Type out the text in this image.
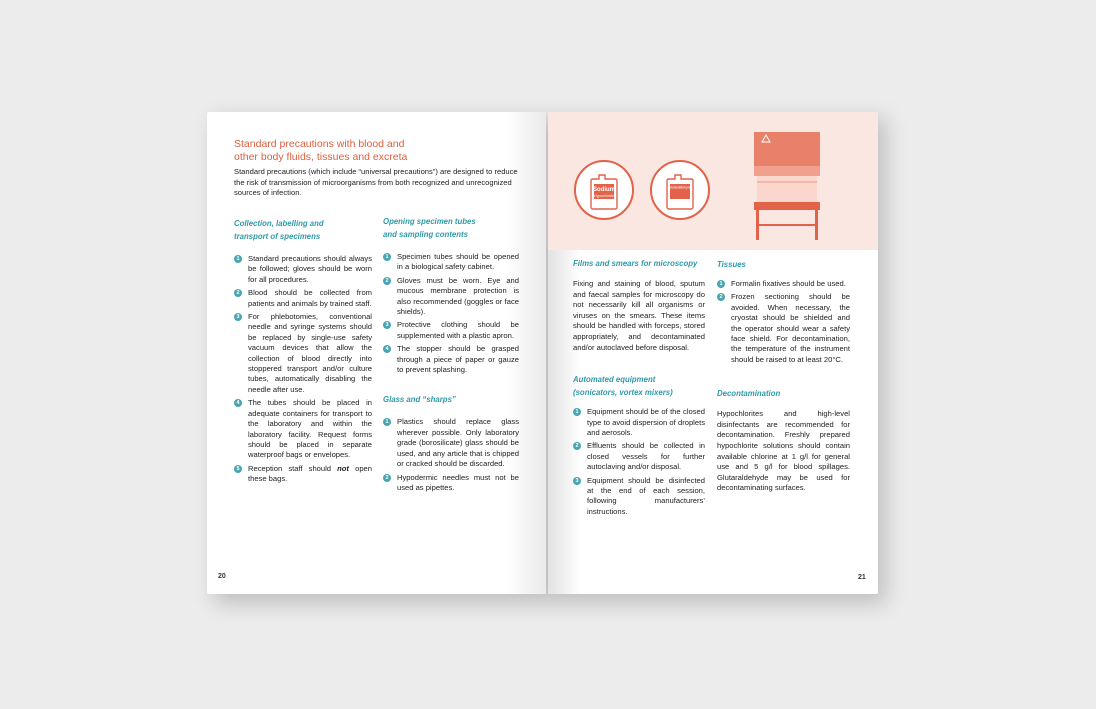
Standard precautions with blood and

other body fluids, tissues and excreta

Standard precautions (which include “universal precautions”) are designed to reduce the risk of transmission of microorganisms from both recognized and unrecognized sources of infection.

Collection, labelling and

transport of specimens

1	Standard precautions should always be followed; gloves should be worn for all procedures.
2	Blood should be collected from patients and animals by trained staff.
3	For phlebotomies, conventional needle and syringe systems should be replaced by single-use safety vacuum devices that allow the collection of blood directly into stoppered transport and/or culture tubes, automatically disabling the needle after use.
4	The tubes should be placed in adequate containers for transport to the laboratory and within the laboratory facility. Request forms should be placed in separate waterproof bags or envelopes.
5	Reception staff should not open these bags.

Opening specimen tubes

and sampling contents

1	Specimen tubes should be opened in a biological safety cabinet.
2	Gloves must be worn. Eye and mucous membrane protection is also recommended (goggles or face shields).
3	Protective clothing should be supplemented with a plastic apron.
4	The stopper should be grasped through a piece of paper or gauze to prevent splashing.

Glass and “sharps”

1	Plastics should replace glass wherever possible. Only laboratory grade (borosilicate) glass should be used, and any article that is chipped or cracked should be discarded.
2	Hypodermic needles must not be used as pipettes.
20
Sodium
Hypochlorite
Glutaraldehyde

Films and smears for microscopy

Fixing and staining of blood, sputum and faecal samples for microscopy do not necessarily kill all organisms or viruses on the smears. These items should be handled with forceps, stored appropriately, and decontaminated and/or autoclaved before disposal.

Automated equipment

(sonicators, vortex mixers)

1	Equipment should be of the closed type to avoid dispersion of droplets and aerosols.
2	Effluents should be collected in closed vessels for further autoclaving and/or disposal.
3	Equipment should be disinfected at the end of each session, following manufacturers’ instructions.

Tissues

1	Formalin fixatives should be used.
2	Frozen sectioning should be avoided. When necessary, the cryostat should be shielded and the operator should wear a safety face shield. For decontamination, the temperature of the instrument should be raised to at least 20°C.

Decontamination

Hypochlorites and high-level disinfectants are recommended for decontamination. Freshly prepared hypochlorite solutions should contain available chlorine at 1 g/l for general use and 5 g/l for blood spillages. Glutaraldehyde may be used for decontaminating surfaces.

21
